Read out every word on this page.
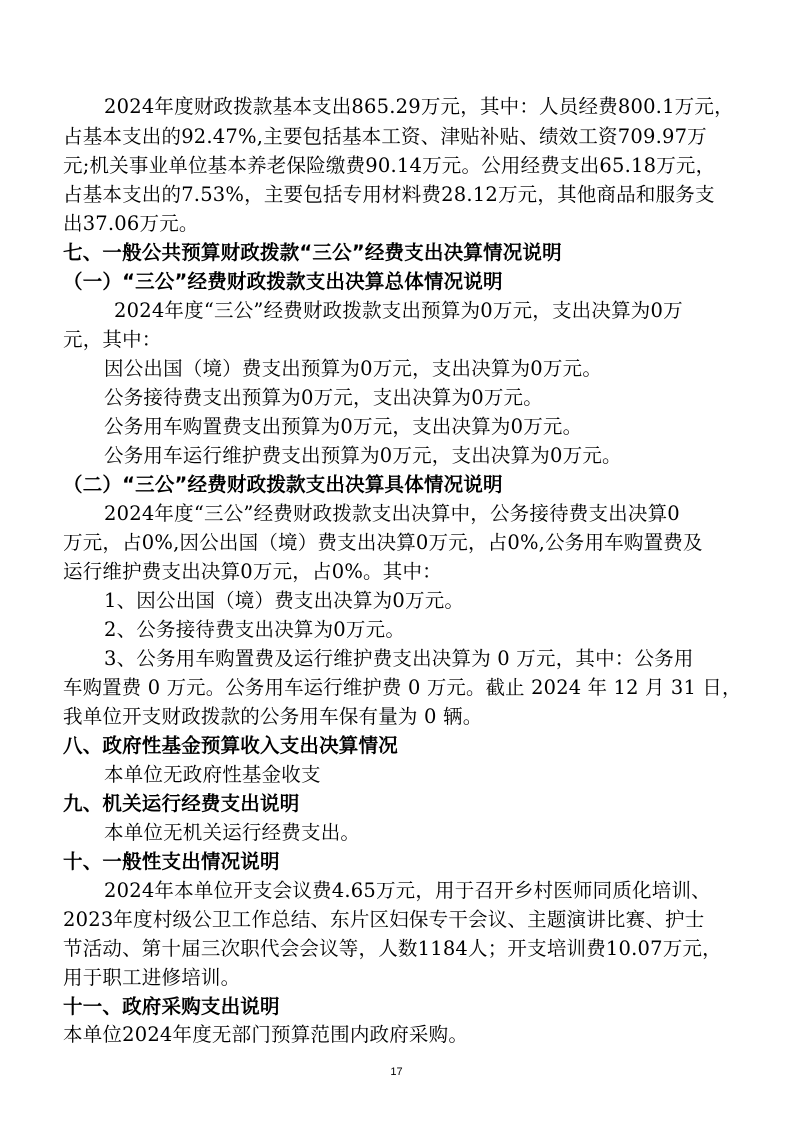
2024年度财政拨款基本支出865.29万元，其中：人员经费800.1万元，
占基本支出的92.47%,主要包括基本工资、津贴补贴、绩效工资709.97万
元;机关事业单位基本养老保险缴费90.14万元。公用经费支出65.18万元，
占基本支出的7.53%，主要包括专用材料费28.12万元，其他商品和服务支
出37.06万元。
七、一般公共预算财政拨款“三公”经费支出决算情况说明
（一）“三公”经费财政拨款支出决算总体情况说明
2024年度“三公”经费财政拨款支出预算为0万元，支出决算为0万
元，其中：
因公出国（境）费支出预算为0万元，支出决算为0万元。
公务接待费支出预算为0万元，支出决算为0万元。
公务用车购置费支出预算为0万元，支出决算为0万元。
公务用车运行维护费支出预算为0万元，支出决算为0万元。
（二）“三公”经费财政拨款支出决算具体情况说明
2024年度“三公”经费财政拨款支出决算中，公务接待费支出决算0
万元，占0%,因公出国（境）费支出决算0万元，占0%,公务用车购置费及
运行维护费支出决算0万元，占0%。其中：
1、因公出国（境）费支出决算为0万元。
2、公务接待费支出决算为0万元。
3、公务用车购置费及运行维护费支出决算为 0 万元，其中：公务用
车购置费 0 万元。公务用车运行维护费 0 万元。截止 2024 年 12 月 31 日，
我单位开支财政拨款的公务用车保有量为 0 辆。
八、政府性基金预算收入支出决算情况
本单位无政府性基金收支
九、机关运行经费支出说明
本单位无机关运行经费支出。
十、一般性支出情况说明
2024年本单位开支会议费4.65万元，用于召开乡村医师同质化培训、
2023年度村级公卫工作总结、东片区妇保专干会议、主题演讲比赛、护士
节活动、第十届三次职代会会议等，人数1184人；开支培训费10.07万元，
用于职工进修培训。
十一、政府采购支出说明
本单位2024年度无部门预算范围内政府采购。
17
